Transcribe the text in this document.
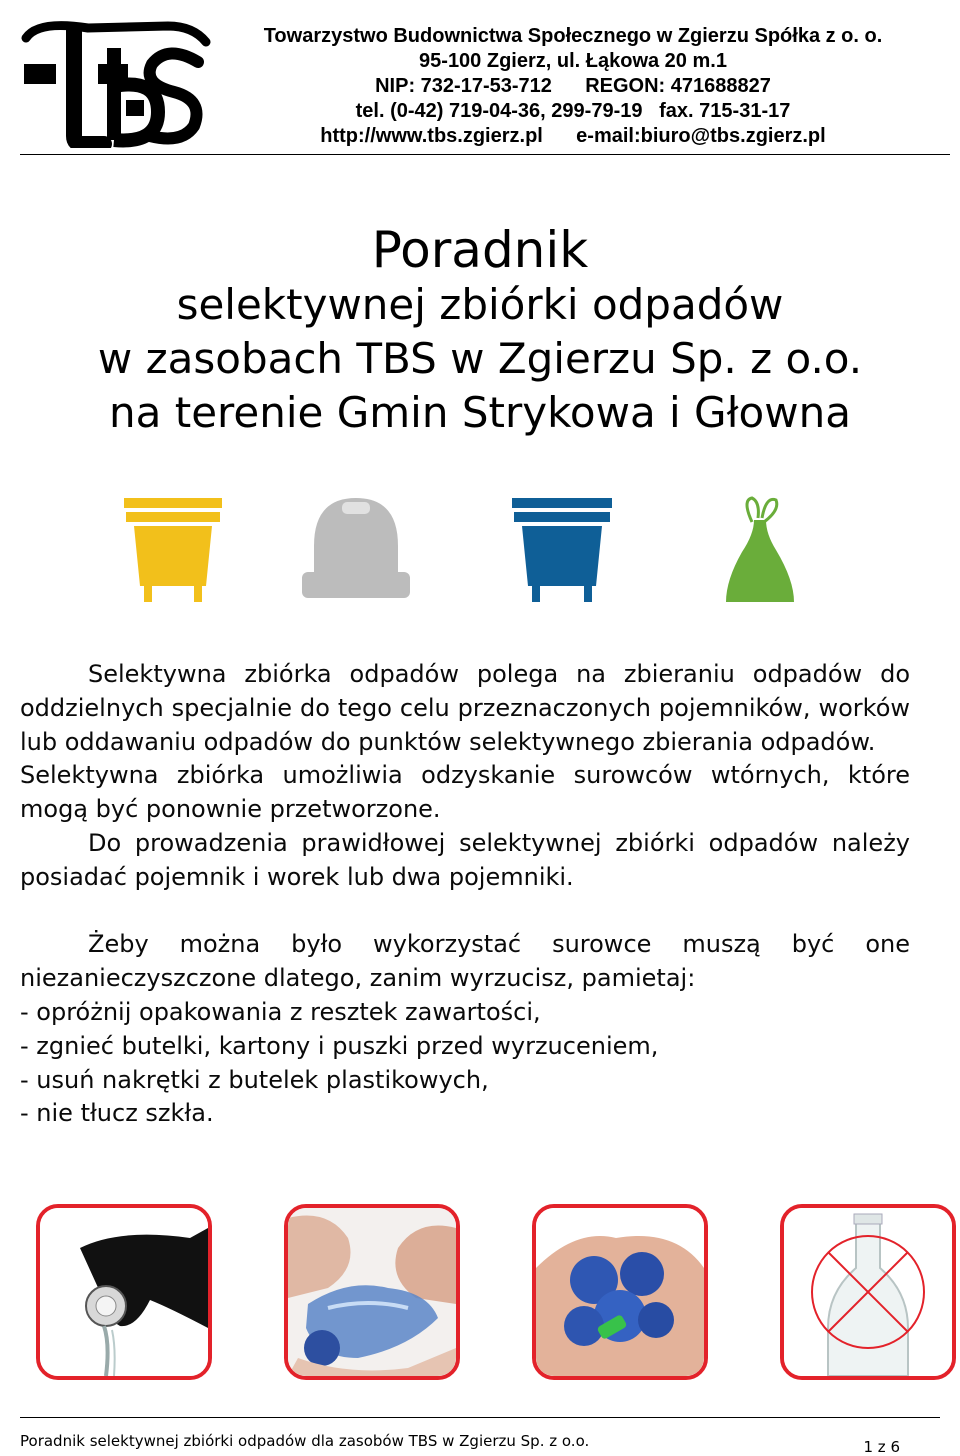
Towarzystwo Budownictwa Społecznego w Zgierzu Spółka z o. o.
95-100 Zgierz, ul. Łąkowa 20 m.1
NIP: 732-17-53-712      REGON: 471688827
tel. (0-42) 719-04-36, 299-79-19   fax. 715-31-17
http://www.tbs.zgierz.pl      e-mail:biuro@tbs.zgierz.pl
Poradnik
selektywnej zbiórki odpadów
w zasobach TBS w Zgierzu Sp. z o.o.
na terenie Gmin Strykowa i Głowna

Selektywna zbiórka odpadów polega na zbieraniu odpadów do oddzielnych specjalnie do tego celu przeznaczonych pojemników, worków lub oddawaniu odpadów do punktów selektywnego zbierania odpadów.

Selektywna zbiórka umożliwia odzyskanie surowców wtórnych, które mogą być ponownie przetworzone.

Do prowadzenia prawidłowej selektywnej zbiórki odpadów należy posiadać pojemnik i worek lub dwa pojemniki.

Żeby można było wykorzystać surowce muszą być one niezanieczyszczone dlatego, zanim wyrzucisz, pamietaj:

- opróżnij opakowania z resztek zawartości,
- zgnieć butelki, kartony i puszki przed wyrzuceniem,
- usuń nakrętki z butelek plastikowych,
- nie tłucz szkła.
Poradnik selektywnej zbiórki odpadów dla zasobów TBS w Zgierzu Sp. z o.o.	1 z 6
